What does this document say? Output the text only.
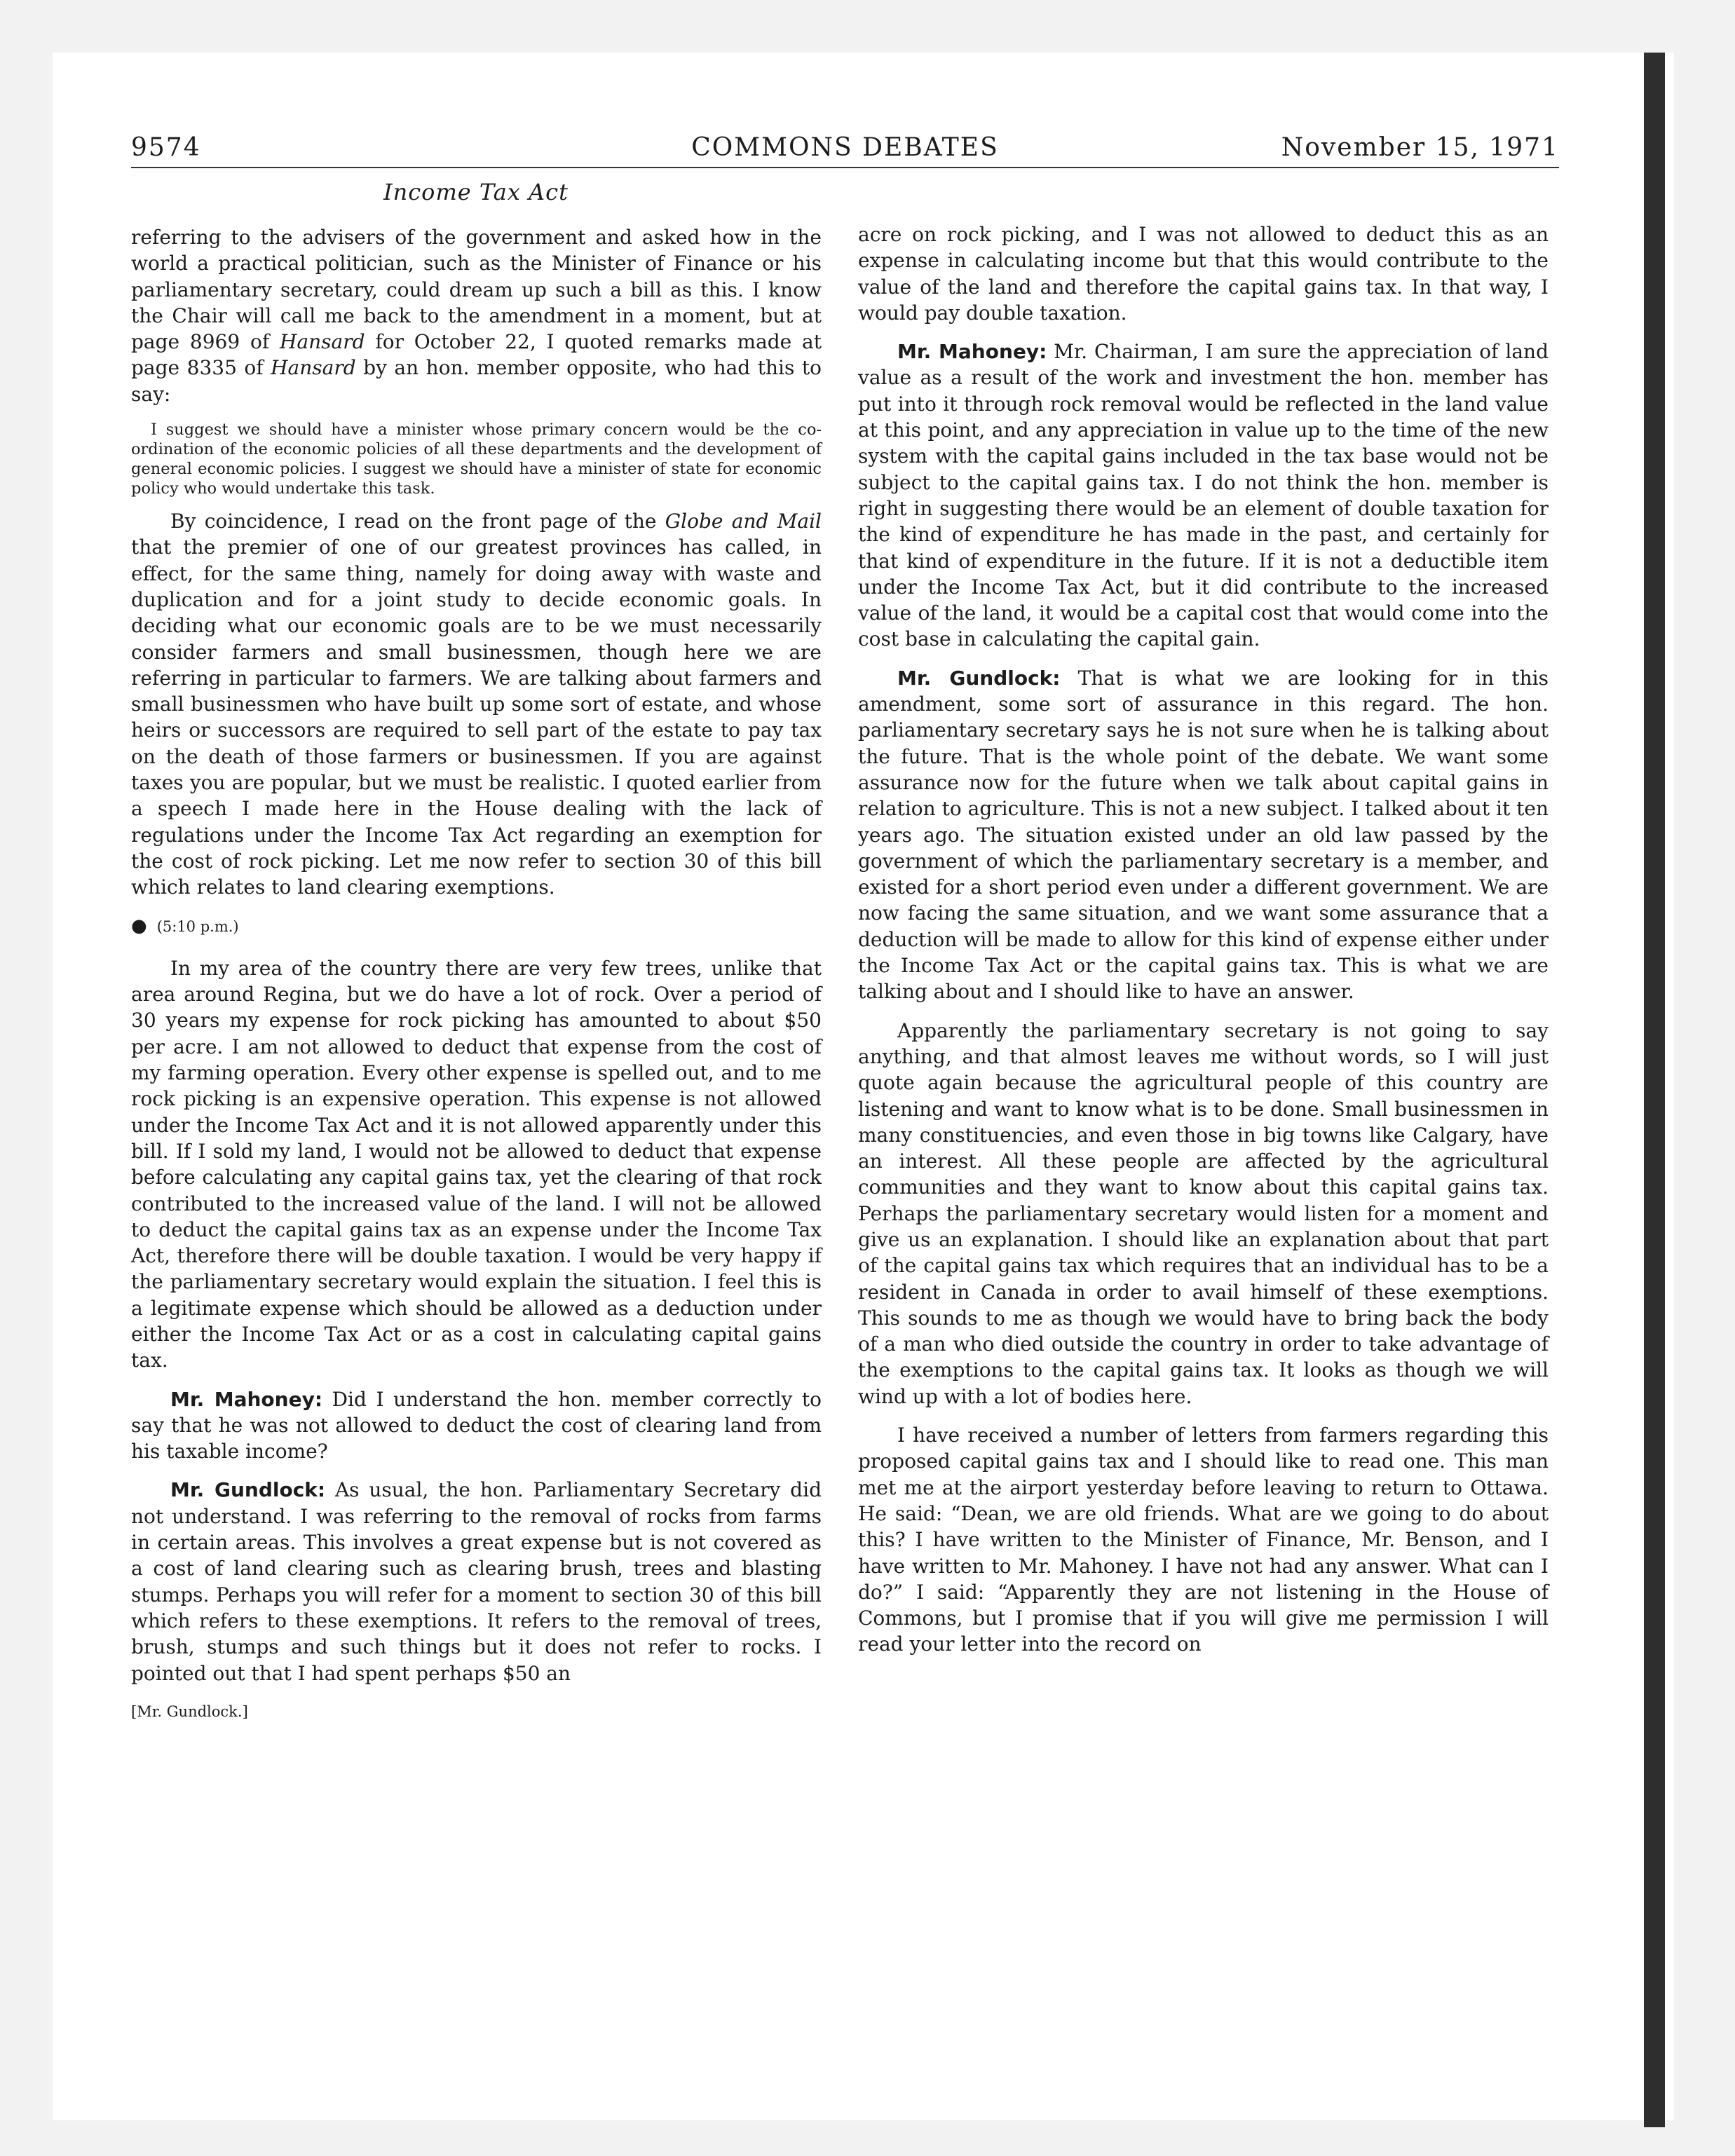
9574	COMMONS DEBATES	November 15, 1971
Income Tax Act

referring to the advisers of the government and asked how in the world a practical politician, such as the Minister of Finance or his parliamentary secretary, could dream up such a bill as this. I know the Chair will call me back to the amendment in a moment, but at page 8969 of Hansard for October 22, I quoted remarks made at page 8335 of Hansard by an hon. member opposite, who had this to say:

I suggest we should have a minister whose primary concern would be the co-ordination of the economic policies of all these departments and the development of general economic policies. I suggest we should have a minister of state for economic policy who would undertake this task.

By coincidence, I read on the front page of the Globe and Mail that the premier of one of our greatest provinces has called, in effect, for the same thing, namely for doing away with waste and duplication and for a joint study to decide economic goals. In deciding what our economic goals are to be we must necessarily consider farmers and small businessmen, though here we are referring in particular to farmers. We are talking about farmers and small businessmen who have built up some sort of estate, and whose heirs or successors are required to sell part of the estate to pay tax on the death of those farmers or businessmen. If you are against taxes you are popular, but we must be realistic. I quoted earlier from a speech I made here in the House dealing with the lack of regulations under the Income Tax Act regarding an exemption for the cost of rock picking. Let me now refer to section 30 of this bill which relates to land clearing exemptions.

● (5:10 p.m.)

In my area of the country there are very few trees, unlike that area around Regina, but we do have a lot of rock. Over a period of 30 years my expense for rock picking has amounted to about $50 per acre. I am not allowed to deduct that expense from the cost of my farming operation. Every other expense is spelled out, and to me rock picking is an expensive operation. This expense is not allowed under the Income Tax Act and it is not allowed apparently under this bill. If I sold my land, I would not be allowed to deduct that expense before calculating any capital gains tax, yet the clearing of that rock contributed to the increased value of the land. I will not be allowed to deduct the capital gains tax as an expense under the Income Tax Act, therefore there will be double taxation. I would be very happy if the parliamentary secretary would explain the situation. I feel this is a legitimate expense which should be allowed as a deduction under either the Income Tax Act or as a cost in calculating capital gains tax.

Mr. Mahoney: Did I understand the hon. member correctly to say that he was not allowed to deduct the cost of clearing land from his taxable income?

Mr. Gundlock: As usual, the hon. Parliamentary Secretary did not understand. I was referring to the removal of rocks from farms in certain areas. This involves a great expense but is not covered as a cost of land clearing such as clearing brush, trees and blasting stumps. Perhaps you will refer for a moment to section 30 of this bill which refers to these exemptions. It refers to the removal of trees, brush, stumps and such things but it does not refer to rocks. I pointed out that I had spent perhaps $50 an

[Mr. Gundlock.]

acre on rock picking, and I was not allowed to deduct this as an expense in calculating income but that this would contribute to the value of the land and therefore the capital gains tax. In that way, I would pay double taxation.

Mr. Mahoney: Mr. Chairman, I am sure the appreciation of land value as a result of the work and investment the hon. member has put into it through rock removal would be reflected in the land value at this point, and any appreciation in value up to the time of the new system with the capital gains included in the tax base would not be subject to the capital gains tax. I do not think the hon. member is right in suggesting there would be an element of double taxation for the kind of expenditure he has made in the past, and certainly for that kind of expenditure in the future. If it is not a deductible item under the Income Tax Act, but it did contribute to the increased value of the land, it would be a capital cost that would come into the cost base in calculating the capital gain.

Mr. Gundlock: That is what we are looking for in this amendment, some sort of assurance in this regard. The hon. parliamentary secretary says he is not sure when he is talking about the future. That is the whole point of the debate. We want some assurance now for the future when we talk about capital gains in relation to agriculture. This is not a new subject. I talked about it ten years ago. The situation existed under an old law passed by the government of which the parliamentary secretary is a member, and existed for a short period even under a different government. We are now facing the same situation, and we want some assurance that a deduction will be made to allow for this kind of expense either under the Income Tax Act or the capital gains tax. This is what we are talking about and I should like to have an answer.

Apparently the parliamentary secretary is not going to say anything, and that almost leaves me without words, so I will just quote again because the agricultural people of this country are listening and want to know what is to be done. Small businessmen in many constituencies, and even those in big towns like Calgary, have an interest. All these people are affected by the agricultural communities and they want to know about this capital gains tax. Perhaps the parliamentary secretary would listen for a moment and give us an explanation. I should like an explanation about that part of the capital gains tax which requires that an individual has to be a resident in Canada in order to avail himself of these exemptions. This sounds to me as though we would have to bring back the body of a man who died outside the country in order to take advantage of the exemptions to the capital gains tax. It looks as though we will wind up with a lot of bodies here.

I have received a number of letters from farmers regarding this proposed capital gains tax and I should like to read one. This man met me at the airport yesterday before leaving to return to Ottawa. He said: “Dean, we are old friends. What are we going to do about this? I have written to the Minister of Finance, Mr. Benson, and I have written to Mr. Mahoney. I have not had any answer. What can I do?” I said: “Apparently they are not listening in the House of Commons, but I promise that if you will give me permission I will read your letter into the record on
